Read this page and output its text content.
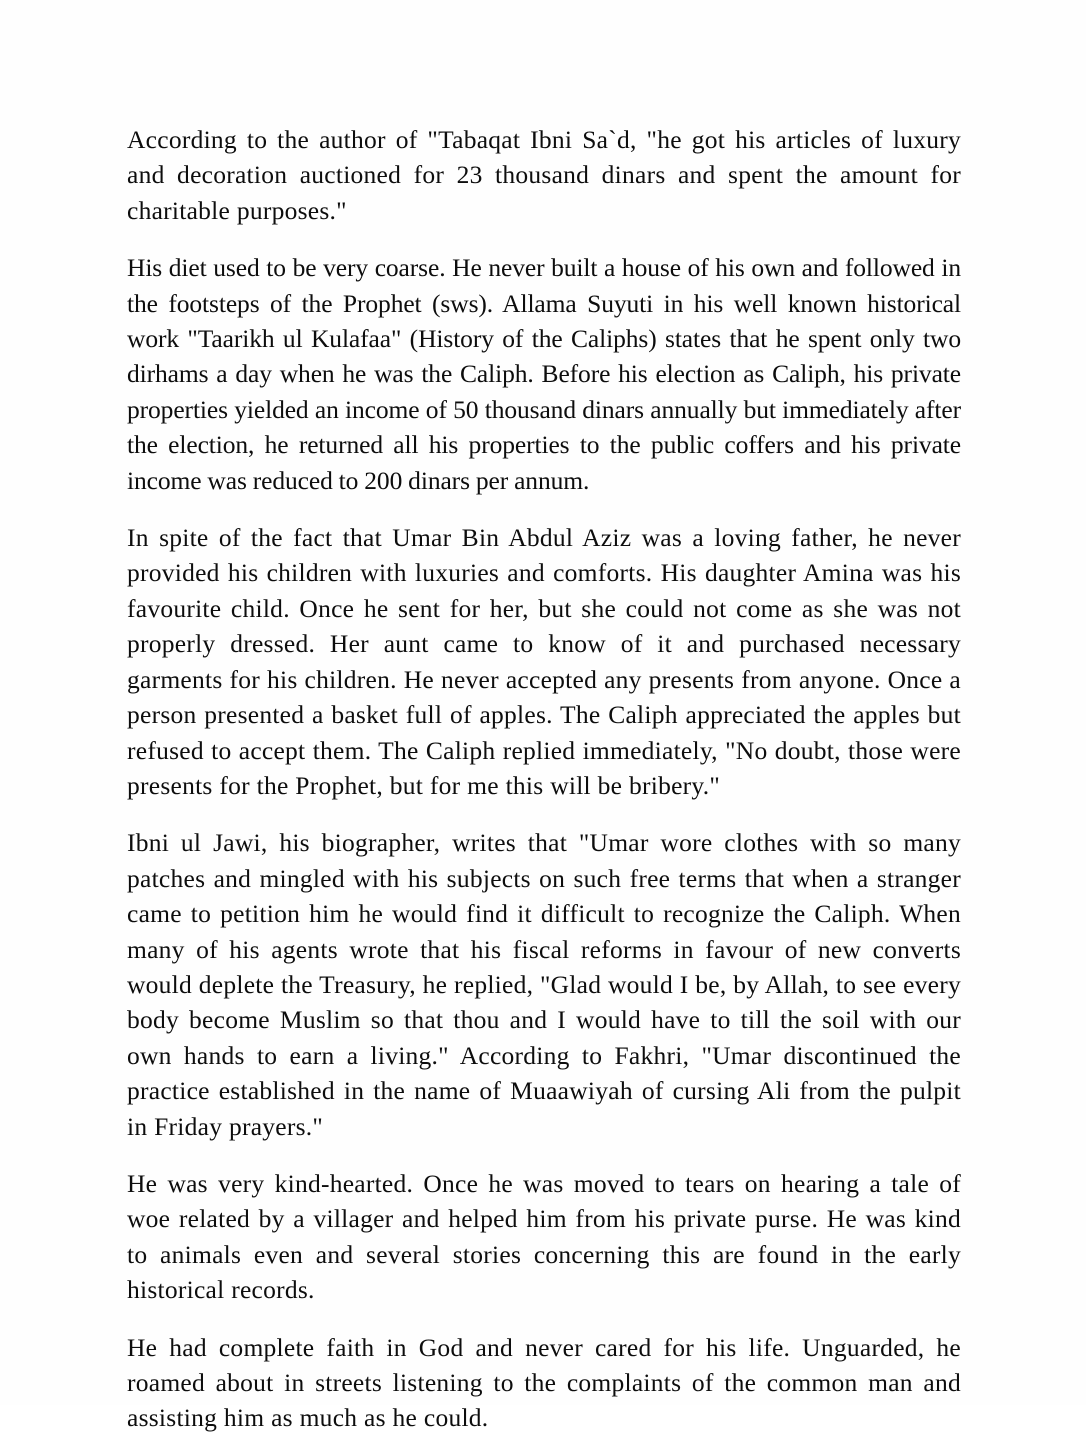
According to the author of "Tabaqat Ibni Sa`d, "he got his articles of luxury and decoration auctioned for 23 thousand dinars and spent the amount for charitable purposes."

His diet used to be very coarse. He never built a house of his own and followed in the footsteps of the Prophet (sws). Allama Suyuti in his well known historical work "Taarikh ul Kulafaa" (History of the Caliphs) states that he spent only two dirhams a day when he was the Caliph. Before his election as Caliph, his private properties yielded an income of 50 thousand dinars annually but immediately after the election, he returned all his properties to the public coffers and his private income was reduced to 200 dinars per annum.

In spite of the fact that Umar Bin Abdul Aziz was a loving father, he never provided his children with luxuries and comforts. His daughter Amina was his favourite child. Once he sent for her, but she could not come as she was not properly dressed. Her aunt came to know of it and purchased necessary garments for his children. He never accepted any presents from anyone. Once a person presented a basket full of apples. The Caliph appreciated the apples but refused to accept them. The Caliph replied immediately, "No doubt, those were presents for the Prophet, but for me this will be bribery."

Ibni ul Jawi, his biographer, writes that "Umar wore clothes with so many patches and mingled with his subjects on such free terms that when a stranger came to petition him he would find it difficult to recognize the Caliph. When many of his agents wrote that his fiscal reforms in favour of new converts would deplete the Treasury, he replied, "Glad would I be, by Allah, to see every body become Muslim so that thou and I would have to till the soil with our own hands to earn a living." According to Fakhri, "Umar discontinued the practice established in the name of Muaawiyah of cursing Ali from the pulpit in Friday prayers."

He was very kind-hearted. Once he was moved to tears on hearing a tale of woe related by a villager and helped him from his private purse. He was kind to animals even and several stories concerning this are found in the early historical records.

He had complete faith in God and never cared for his life. Unguarded, he roamed about in streets listening to the complaints of the common man and assisting him as much as he could.
